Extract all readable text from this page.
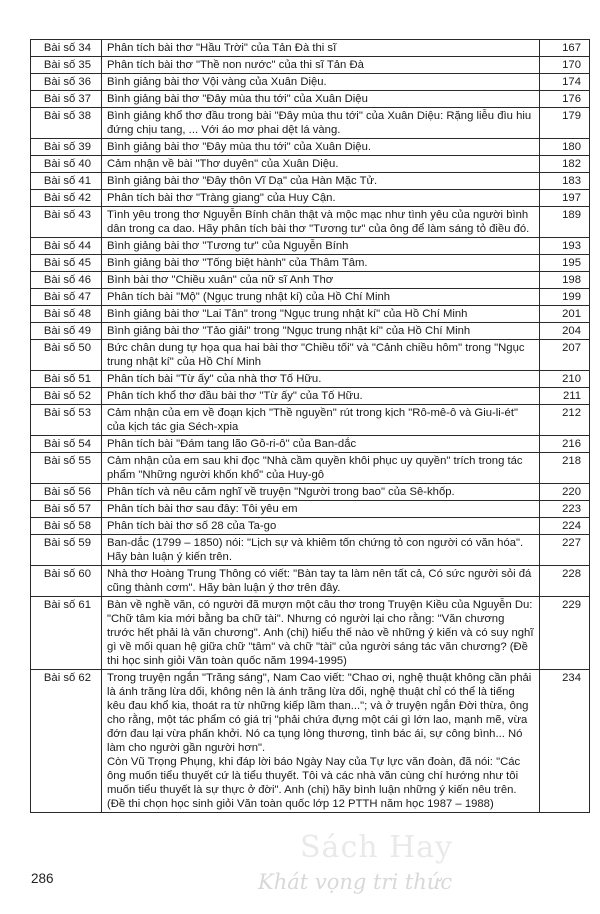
Bài số 34	Phân tích bài thơ "Hầu Trời" của Tản Đà thi sĩ	167
Bài số 35	Phân tích bài thơ "Thề non nước" của thi sĩ Tản Đà	170
Bài số 36	Bình giảng bài thơ Vội vàng của Xuân Diệu.	174
Bài số 37	Bình giảng bài thơ "Đây mùa thu tới" của Xuân Diệu	176
Bài số 38	Bình giảng khổ thơ đầu trong bài "Đây mùa thu tới" của Xuân Diệu: Rặng liễu đìu hiu đứng chịu tang, ... Với áo mơ phai dệt lá vàng.	179
Bài số 39	Bình giảng bài thơ "Đây mùa thu tới" của Xuân Diệu.	180
Bài số 40	Cảm nhận về bài "Thơ duyên" của Xuân Diệu.	182
Bài số 41	Bình giảng bài thơ "Đây thôn Vĩ Dạ" của Hàn Mặc Tử.	183
Bài số 42	Phân tích bài thơ "Tràng giang" của Huy Cận.	197
Bài số 43	Tình yêu trong thơ Nguyễn Bính chân thật và mộc mạc như tình yêu của người bình dân trong ca dao. Hãy phân tích bài thơ "Tương tư" của ông để làm sáng tỏ điều đó.	189
Bài số 44	Bình giảng bài thơ "Tương tư" của Nguyễn Bính	193
Bài số 45	Bình giảng bài thơ "Tống biệt hành" của Thâm Tâm.	195
Bài số 46	Bình bài thơ "Chiều xuân" của nữ sĩ Anh Thơ	198
Bài số 47	Phân tích bài "Mộ" (Ngục trung nhật kí) của Hồ Chí Minh	199
Bài số 48	Bình giảng bài thơ "Lai Tân" trong "Ngục trung nhật kí" của Hồ Chí Minh	201
Bài số 49	Bình giảng bài thơ "Tảo giải" trong "Ngục trung nhật kí" của Hồ Chí Minh	204
Bài số 50	Bức chân dung tự họa qua hai bài thơ "Chiều tối" và "Cảnh chiều hôm" trong "Ngục trung nhật kí" của Hồ Chí Minh	207
Bài số 51	Phân tích bài "Từ ấy" của nhà thơ Tố Hữu.	210
Bài số 52	Phân tích khổ thơ đầu bài thơ "Từ ấy" của Tố Hữu.	211
Bài số 53	Cảm nhận của em về đoạn kịch "Thề nguyền" rút trong kịch "Rô-mê-ô và Giu-li-ét" của kịch tác gia Séch-xpia	212
Bài số 54	Phân tích bài "Đám tang lão Gô-ri-ô" của Ban-dắc	216
Bài số 55	Cảm nhận của em sau khi đọc "Nhà cầm quyền khôi phục uy quyền" trích trong tác phẩm "Những người khốn khổ" của Huy-gô	218
Bài số 56	Phân tích và nêu cảm nghĩ về truyện "Người trong bao" của Sê-khốp.	220
Bài số 57	Phân tích bài thơ sau đây: Tôi yêu em	223
Bài số 58	Phân tích bài thơ số 28 của Ta-go	224
Bài số 59	Ban-dắc (1799 – 1850) nói: "Lịch sự và khiêm tốn chứng tỏ con người có văn hóa". Hãy bàn luận ý kiến trên.	227
Bài số 60	Nhà thơ Hoàng Trung Thông có viết: "Bàn tay ta làm nên tất cả, Có sức người sỏi đá cũng thành cơm". Hãy bàn luận ý thơ trên đây.	228
Bài số 61	Bàn về nghề văn, có người đã mượn một câu thơ trong Truyện Kiều của Nguyễn Du: "Chữ tâm kia mới bằng ba chữ tài". Nhưng có người lại cho rằng: "Văn chương trước hết phải là văn chương". Anh (chị) hiểu thế nào về những ý kiến và có suy nghĩ gì về mối quan hệ giữa chữ "tâm" và chữ "tài" của người sáng tác văn chương? (Đề thi học sinh giỏi Văn toàn quốc năm 1994-1995)	229
Bài số 62	Trong truyện ngắn "Trăng sáng", Nam Cao viết: "Chao ơi, nghệ thuật không cần phải là ánh trăng lừa dối, không nên là ánh trăng lừa dối, nghệ thuật chỉ có thể là tiếng kêu đau khổ kia, thoát ra từ những kiếp lầm than..."; và ở truyện ngắn Đời thừa, ông cho rằng, một tác phẩm có giá trị "phải chứa đựng một cái gì lớn lao, mạnh mẽ, vừa đớn đau lại vừa phấn khởi. Nó ca tụng lòng thương, tình bác ái, sự công bình... Nó làm cho người gần người hơn".
Còn Vũ Trọng Phụng, khi đáp lời báo Ngày Nay của Tự lực văn đoàn, đã nói: "Các ông muốn tiểu thuyết cứ là tiểu thuyết. Tôi và các nhà văn cùng chí hướng như tôi muốn tiểu thuyết là sự thực ở đời". Anh (chị) hãy bình luận những ý kiến nêu trên.
(Đề thi chọn học sinh giỏi Văn toàn quốc lớp 12 PTTH năm học 1987 – 1988)	234
286
Sách Hay
Khát vọng tri thức
